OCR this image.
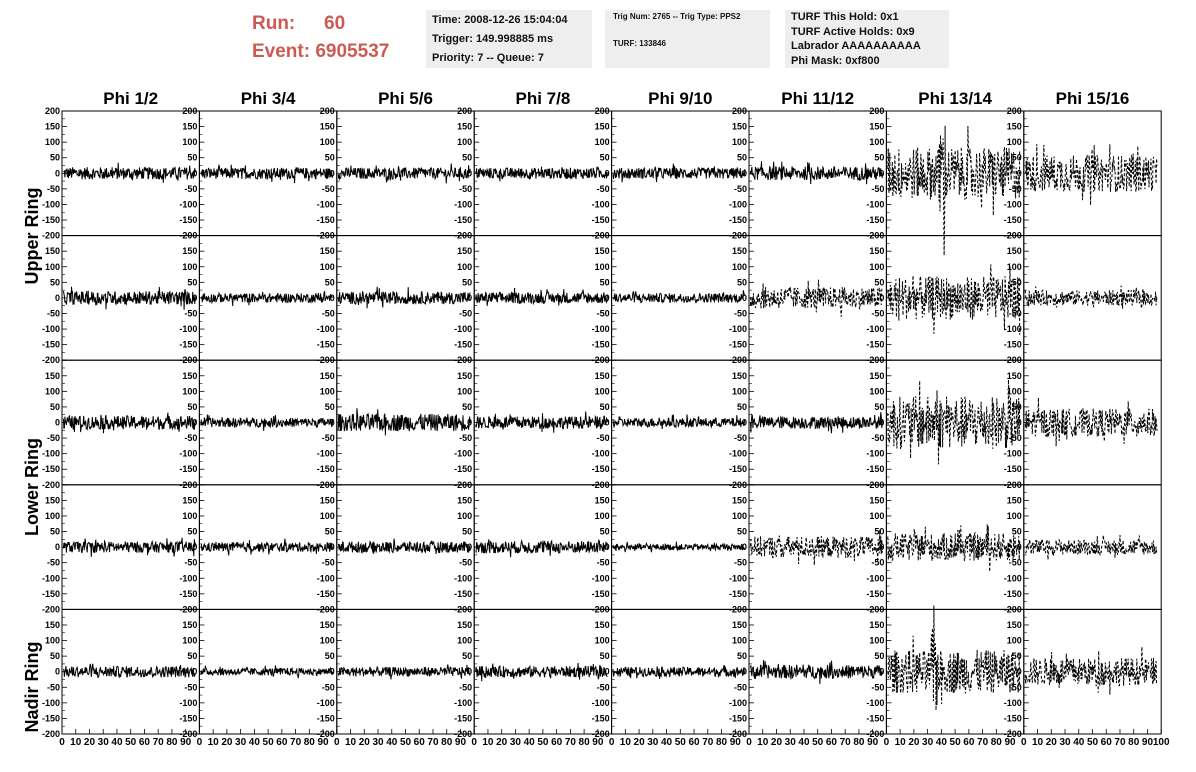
Run:	60
Event:
6905537
Time: 2008-12-26 15:04:04
Trigger: 149.998885 ms
Priority: 7 -- Queue: 7
Trig Num: 2765 -- Trig Type: PPS2
TURF: 133846
TURF This Hold: 0x1
TURF Active Holds: 0x9
Labrador AAAAAAAAAA
Phi Mask: 0xf800
Phi 1/2	Phi 3/4	Phi 5/6	Phi 7/8	Phi 9/10	Phi 11/12	Phi 13/14	Phi 15/16
Upper Ring
Lower Ring
Nadir Ring
200
150
100
50
0
-50
-100
-150
-200
200
150
100
50
0
-50
-100
-150
-200
200
150
100
50
0
-50
-100
-150
-200
200
150
100
50
0
-50
-100
-150
-200
200
150
100
50
0
-50
-100
-150
-200
200
150
100
50
0
-50
-100
-150
-200
200
150
100
50
0
-50
-100
-150
-200
200
150
100
50
0
-50
-100
-150
-200
150
100
50
0
-50
-100
-150
-200
150
100
50
0
-50
-100
-150
-200
150
100
50
0
-50
-100
-150
-200
150
100
50
0
-50
-100
-150
-200
150
100
50
0
-50
-100
-150
-200
150
100
50
0
-50
-100
-150
-200
150
100
50
0
-50
-100
-150
-200
150
100
50
0
-50
-100
-150
-200
150
100
50
0
-50
-100
-150
-200
150
100
50
0
-50
-100
-150
-200
150
100
50
0
-50
-100
-150
-200
150
100
50
0
-50
-100
-150
-200
150
100
50
0
-50
-100
-150
-200
150
100
50
0
-50
-100
-150
-200
150
100
50
0
-50
-100
-150
-200
150
100
50
0
-50
-100
-150
-200
150
100
50
0
-50
-100
-150
-200
150
100
50
0
-50
-100
-150
-200
150
100
50
0
-50
-100
-150
-200
150
100
50
0
-50
-100
-150
-200
150
100
50
0
-50
-100
-150
-200
150
100
50
0
-50
-100
-150
-200
150
100
50
0
-50
-100
-150
-200
150
100
50
0
-50
-100
-150
-200
150
100
50
0
-50
-100
-150
-200
150
100
50
0
-50
-100
-150
-200
150
100
50
0
-50
-100
-150
-200
150
100
50
0
-50
-100
-150
-200
150
100
50
0
-50
-100
-150
-200
150
100
50
0
-50
-100
-150
-200
150
100
50
0
-50
-100
-150
-200
150
100
50
0
-50
-100
-150
-200
0 10 20 30 40 50 60 70 80 90 0 10 20 30 40 50 60 70 80 90 0 10 20 30 40 50 60 70 80 90 0 10 20 30 40 50 60 70 80 90 0 10 20 30 40 50 60 70 80 90 0 10 20 30 40 50 60 70 80 90 0 10 20 30 40 50 60 70 80 90 0 10 20 30 40 50 60 70 80 90 100
